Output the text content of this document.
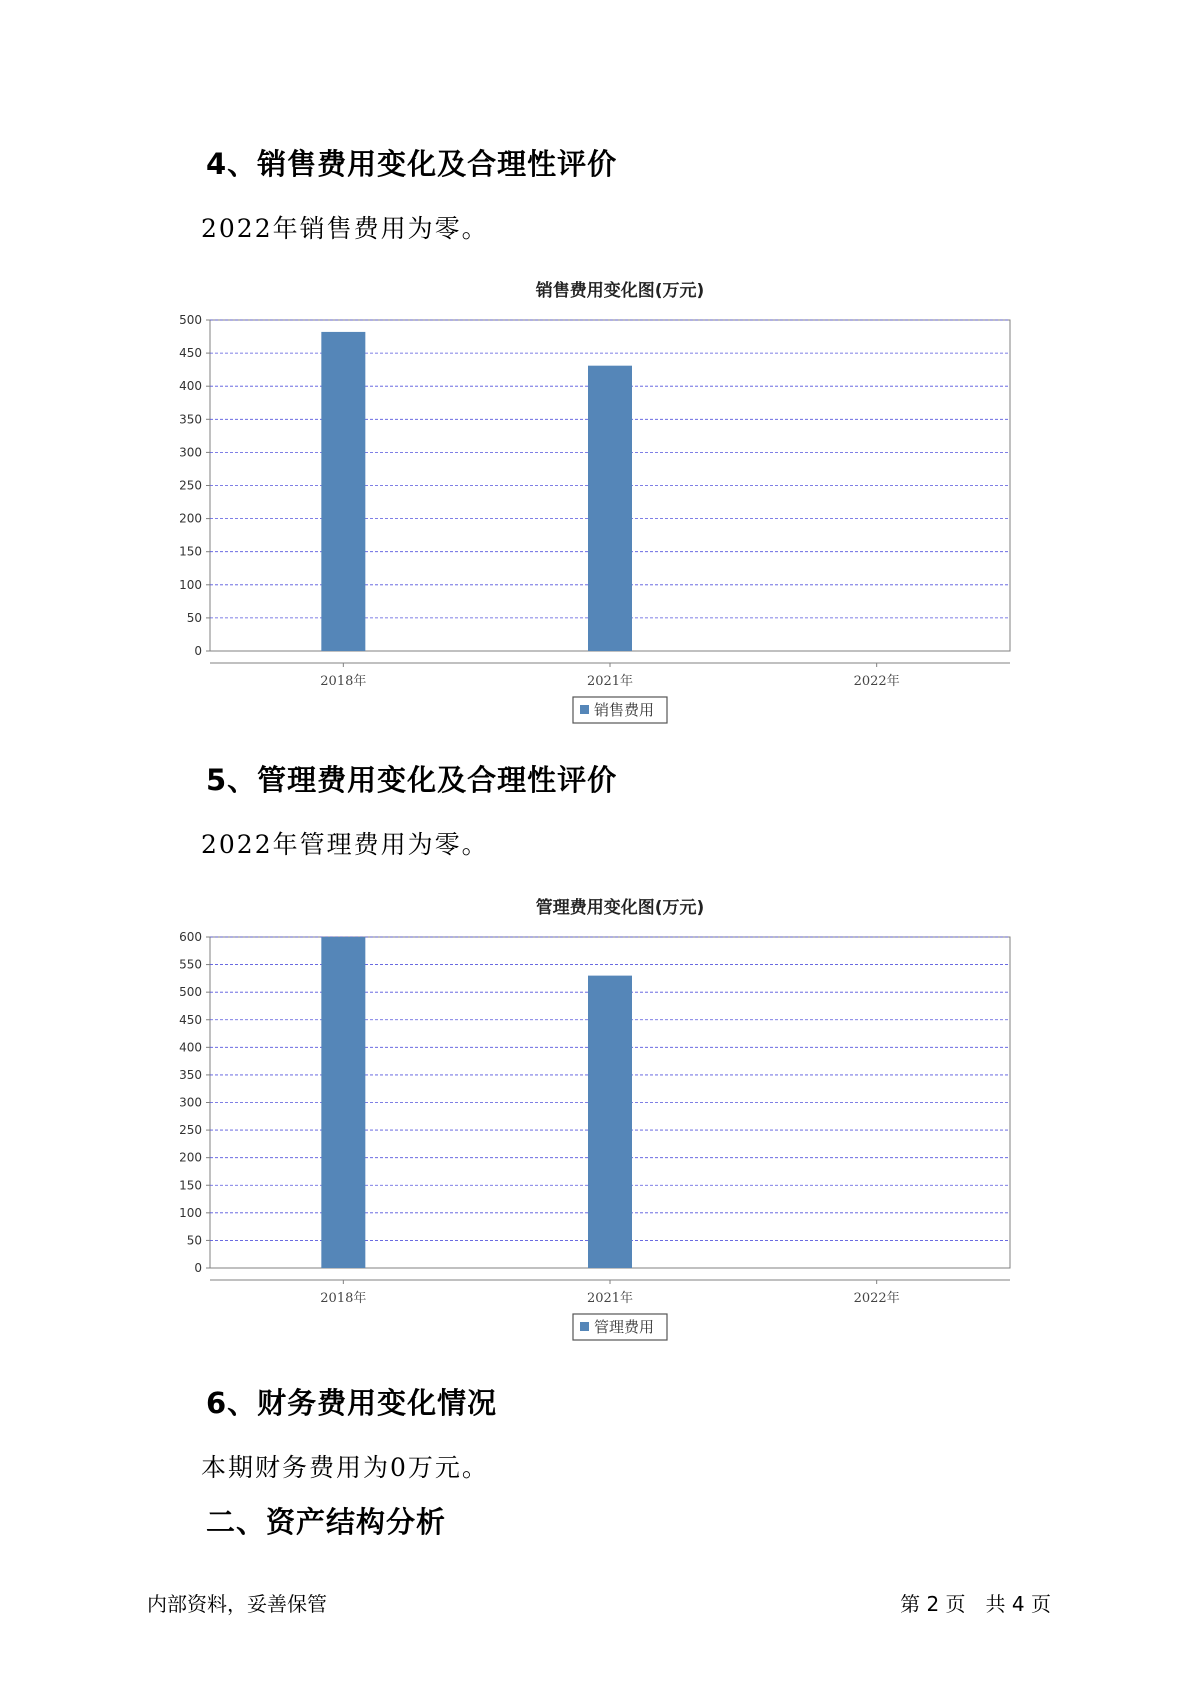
4、销售费用变化及合理性评价

2022年销售费用为零。

销售费用变化图(万元)
0
50
100
150
200
250
300
350
400
450
500
2018年	2021年	2022年
销售费用
5、管理费用变化及合理性评价

2022年管理费用为零。

管理费用变化图(万元)
0
50
100
150
200
250
300
350
400
450
500
550
600
2018年	2021年	2022年
管理费用
6、财务费用变化情况

本期财务费用为0万元。

二、资产结构分析
内部资料，妥善保管	第 2 页　共 4 页
